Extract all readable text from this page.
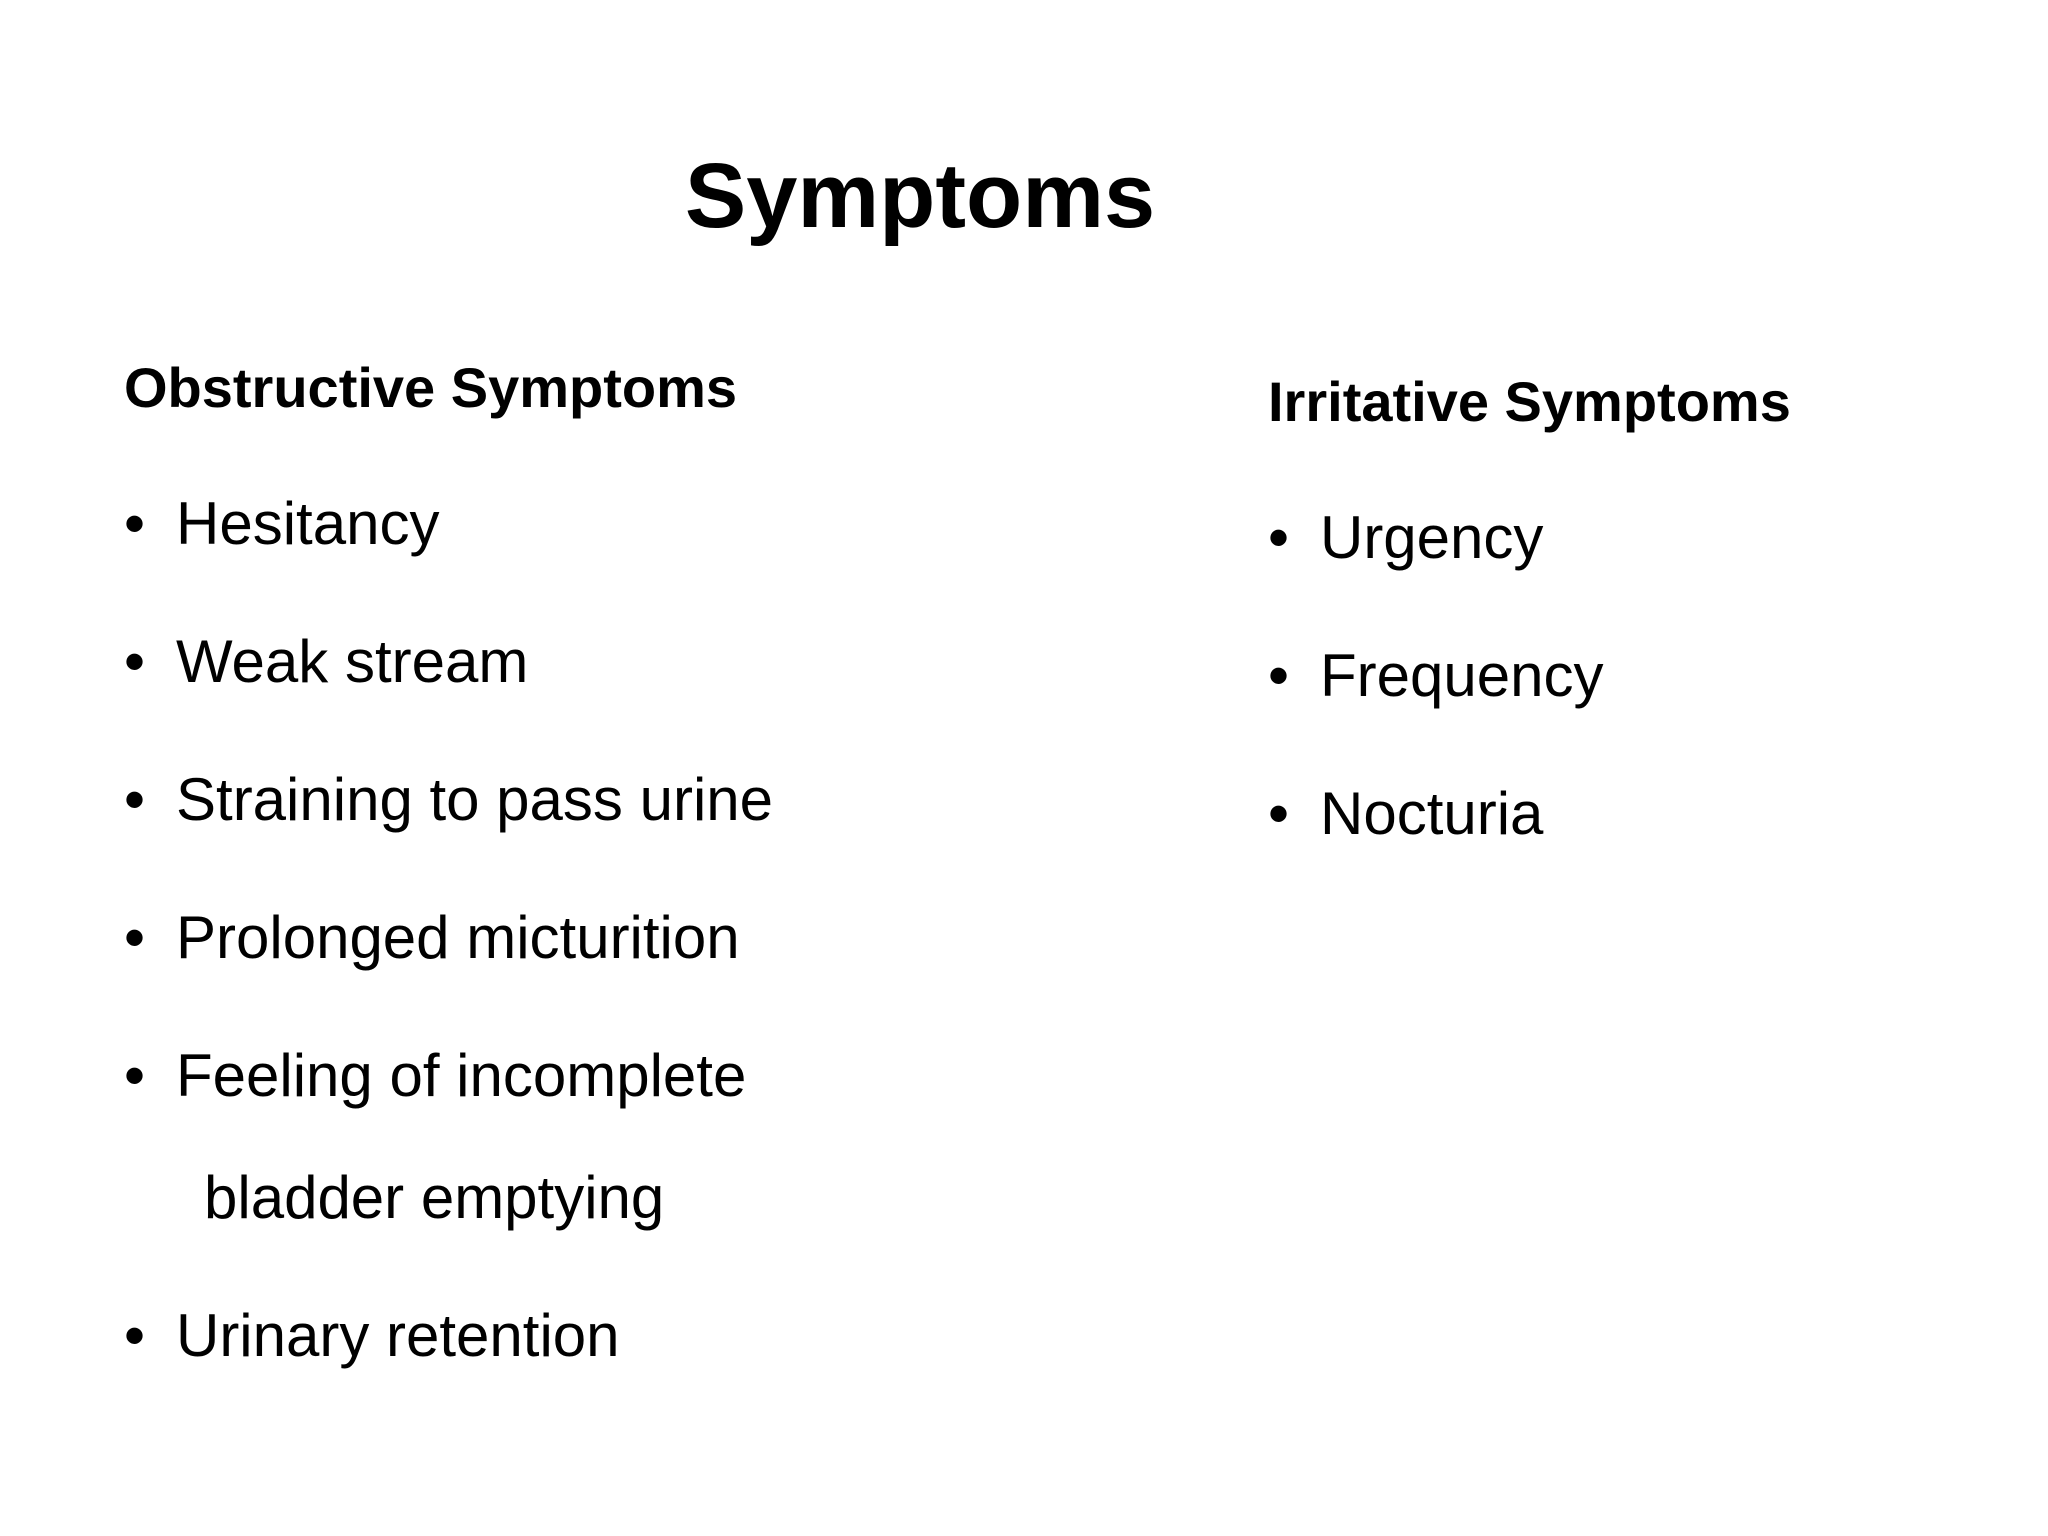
Symptoms
Obstructive Symptoms
• Hesitancy
• Weak stream
• Straining to pass urine
• Prolonged micturition
• Feeling of incomplete
bladder emptying
• Urinary retention
Irritative Symptoms
• Urgency
• Frequency
• Nocturia
